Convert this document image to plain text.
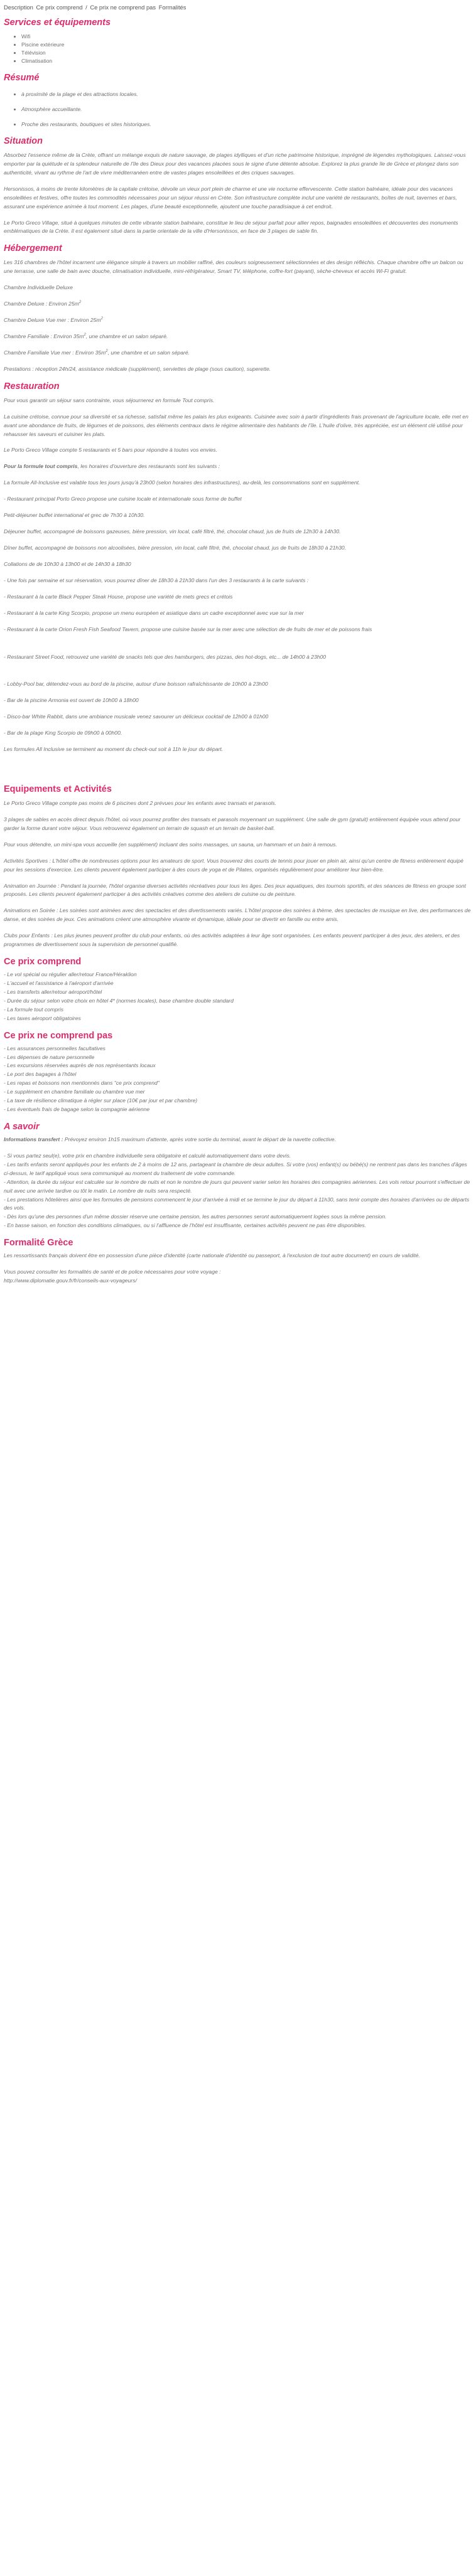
Description Ce prix comprend / Ce prix ne comprend pas Formalités
Services et équipements
• Wifi
• Piscine extérieure
• Télévision
• Climatisation
Résumé
• à proximité de la plage et des attractions locales.
• Atmosphère accueillante.
• Proche des restaurants, boutiques et sites historiques.
Situation

Absorbez l'essence même de la Crète, offrant un mélange exquis de nature sauvage, de plages idylliques et d'un riche patrimoine historique, imprégné de légendes mythologiques. Laissez-vous emporter par la quiétude et la splendeur naturelle de l'île des Dieux pour des vacances placées sous le signe d'une détente absolue. Explorez la plus grande île de Grèce et plongez dans son authenticité, vivant au rythme de l'art de vivre méditerranéen entre de vastes plages ensoleillées et des criques sauvages.

Hersonissos, à moins de trente kilomètres de la capitale crétoise, dévoile un vieux port plein de charme et une vie nocturne effervescente. Cette station balnéaire, idéale pour des vacances ensoleillées et festives, offre toutes les commodités nécessaires pour un séjour réussi en Crète. Son infrastructure complète inclut une variété de restaurants, boîtes de nuit, tavernes et bars, assurant une expérience animée à tout moment. Les plages, d'une beauté exceptionnelle, ajoutent une touche paradisiaque à cet endroit.

Le Porto Greco Village, situé à quelques minutes de cette vibrante station balnéaire, constitue le lieu de séjour parfait pour allier repos, baignades ensoleillées et découvertes des monuments emblématiques de la Crète. Il est également situé dans la partie orientale de la ville d'Hersonissos, en face de 3 plages de sable fin.

Hébergement

Les 316 chambres de l'hôtel incarnent une élégance simple à travers un mobilier raffiné, des couleurs soigneusement sélectionnées et des design réfléchis. Chaque chambre offre un balcon ou une terrasse, une salle de bain avec douche, climatisation individuelle, mini-réfrigérateur, Smart TV, téléphone, coffre-fort (payant), sèche-cheveux et accès Wi-Fi gratuit.

Chambre Individuelle Deluxe

Chambre Deluxe : Environ $25m^2$

Chambre Deluxe Vue mer : Environ $25m^2$

Chambre Familiale : Environ $35m^2$, une chambre et un salon séparé.

Chambre Familiale Vue mer : Environ $35m^2$, une chambre et un salon séparé.

Prestations : réception 24h/24, assistance médicale (supplément), serviettes de plage (sous caution), superette.

Restauration

Pour vous garantir un séjour sans contrainte, vous séjournerez en formule Tout compris.

La cuisine crétoise, connue pour sa diversité et sa richesse, satisfait même les palais les plus exigeants. Cuisinée avec soin à partir d'ingrédients frais provenant de l'agriculture locale, elle met en avant une abondance de fruits, de légumes et de poissons, des éléments centraux dans le régime alimentaire des habitants de l'île. L'huile d'olive, très appréciée, est un élément clé utilisé pour rehausser les saveurs et cuisiner les plats.

Le Porto Greco Village compte 5 restaurants et 5 bars pour répondre à toutes vos envies.

Pour la formule tout compris, les horaires d'ouverture des restaurants sont les suivants :

La formule All-Inclusive est valable tous les jours jusqu'à 23h00 (selon horaires des infrastructures), au-delà, les consommations sont en supplément.

- Restaurant principal Porto Greco propose une cuisine locale et internationale sous forme de buffet

Petit-déjeuner buffet international et grec de 7h30 à 10h30.

Déjeuner buffet, accompagné de boissons gazeuses, bière pression, vin local, café filtré, thé, chocolat chaud, jus de fruits de 12h30 à 14h30.

Dîner buffet, accompagné de boissons non alcoolisées, bière pression, vin local, café filtré, thé, chocolat chaud, jus de fruits de 18h30 à 21h30.

Collations de de 10h30 à 13h00 et de 14h30 à 18h30

- Une fois par semaine et sur réservation, vous pourrez dîner de 18h30 à 21h30 dans l'un des 3 restaurants à la carte suivants :

- Restaurant à la carte Black Pepper Steak House, propose une variété de mets grecs et crétois

- Restaurant à la carte King Scorpio, propose un menu européen et asiatique dans un cadre exceptionnel avec vue sur la mer

- Restaurant à la carte Orion Fresh Fish Seafood Tavern, propose une cuisine basée sur la mer avec une sélection de de fruits de mer et de poissons frais

- Restaurant Street Food, retrouvez une variété de snacks tels que des hamburgers, des pizzas, des hot-dogs, etc... de 14h00 à 23h00

- Lobby-Pool bar, détendez-vous au bord de la piscine, autour d'une boisson rafraîchissante de 10h00 à 23h00

- Bar de la piscine Armonia est ouvert de 10h00 à 18h00

- Disco-bar White Rabbit, dans une ambiance musicale venez savourer un délicieux cocktail de 12h00 à 01h00

- Bar de la plage King Scorpio de 09h00 à 00h00.

Les formules All Inclusive se terminent au moment du check-out soit à 11h le jour du départ.

Equipements et Activités

Le Porto Greco Village compte pas moins de 6 piscines dont 2 prévues pour les enfants avec transats et parasols.

3 plages de sables en accès direct depuis l'hôtel, où vous pourrez profiter des transats et parasols moyennant un supplément. Une salle de gym (gratuit) entièrement équipée vous attend pour garder la forme durant votre séjour. Vous retrouverez également un terrain de squash et un terrain de basket-ball.

Pour vous détendre, un mini-spa vous accueille (en supplément) incluant des soins massages, un sauna, un hammam et un bain à remous.

Activités Sportives : L'hôtel offre de nombreuses options pour les amateurs de sport. Vous trouverez des courts de tennis pour jouer en plein air, ainsi qu'un centre de fitness entièrement équipé pour les sessions d'exercice. Les clients peuvent également participer à des cours de yoga et de Pilates, organisés régulièrement pour améliorer leur bien-être.

Animation en Journée : Pendant la journée, l'hôtel organise diverses activités récréatives pour tous les âges. Des jeux aquatiques, des tournois sportifs, et des séances de fitness en groupe sont proposés. Les clients peuvent également participer à des activités créatives comme des ateliers de cuisine ou de peinture.

Animations en Soirée : Les soirées sont animées avec des spectacles et des divertissements variés. L'hôtel propose des soirées à thème, des spectacles de musique en live, des performances de danse, et des soirées de jeux. Ces animations créent une atmosphère vivante et dynamique, idéale pour se divertir en famille ou entre amis.

Clubs pour Enfants : Les plus jeunes peuvent profiter du club pour enfants, où des activités adaptées à leur âge sont organisées. Les enfants peuvent participer à des jeux, des ateliers, et des programmes de divertissement sous la supervision de personnel qualifié.

Ce prix comprend

- Le vol spécial ou régulier aller/retour France/Héraklion

- L'accueil et l'assistance à l'aéroport d'arrivée

- Les transferts aller/retour aéroport/hôtel

- Durée du séjour selon votre choix en hôtel 4* (normes locales), base chambre double standard

- La formule tout compris

- Les taxes aéroport obligatoires

Ce prix ne comprend pas

- Les assurances personnelles facultatives

- Les dépenses de nature personnelle

- Les excursions réservées auprès de nos représentants locaux

- Le port des bagages à l'hôtel

- Les repas et boissons non mentionnés dans "ce prix comprend"

- Le supplément en chambre familiale ou chambre vue mer

- La taxe de résilience climatique à régler sur place (10€ par jour et par chambre)

- Les éventuels frais de bagage selon la compagnie aérienne

A savoir

Informations transfert : Prévoyez environ 1h15 maximum d'attente, après votre sortie du terminal, avant le départ de la navette collective.

- Si vous partez seul(e), votre prix en chambre individuelle sera obligatoire et calculé automatiquement dans votre devis.

- Les tarifs enfants seront appliqués pour les enfants de 2 à moins de 12 ans, partageant la chambre de deux adultes. Si votre (vos) enfant(s) ou bébé(s) ne rentrent pas dans les tranches d'âges ci-dessus, le tarif appliqué vous sera communiqué au moment du traitement de votre commande.

- Attention, la durée du séjour est calculée sur le nombre de nuits et non le nombre de jours qui peuvent varier selon les horaires des compagnies aériennes. Les vols retour pourront s'effectuer de nuit avec une arrivée tardive ou tôt le matin. Le nombre de nuits sera respecté.

- Les prestations hôtelières ainsi que les formules de pensions commencent le jour d'arrivée à midi et se termine le jour du départ à 11h30, sans tenir compte des horaires d'arrivées ou de départs des vols.

- Dès lors qu'une des personnes d'un même dossier réserve une certaine pension, les autres personnes seront automatiquement logées sous la même pension.

- En basse saison, en fonction des conditions climatiques, ou si l'affluence de l'hôtel est insuffisante, certaines activités peuvent ne pas être disponibles.

Formalité Grèce

Les ressortissants français doivent être en possession d'une pièce d'identité (carte nationale d'identité ou passeport, à l'exclusion de tout autre document) en cours de validité.

Vous pouvez consulter les formalités de santé et de police nécessaires pour votre voyage :

http://www.diplomatie.gouv.fr/fr/conseils-aux-voyageurs/
